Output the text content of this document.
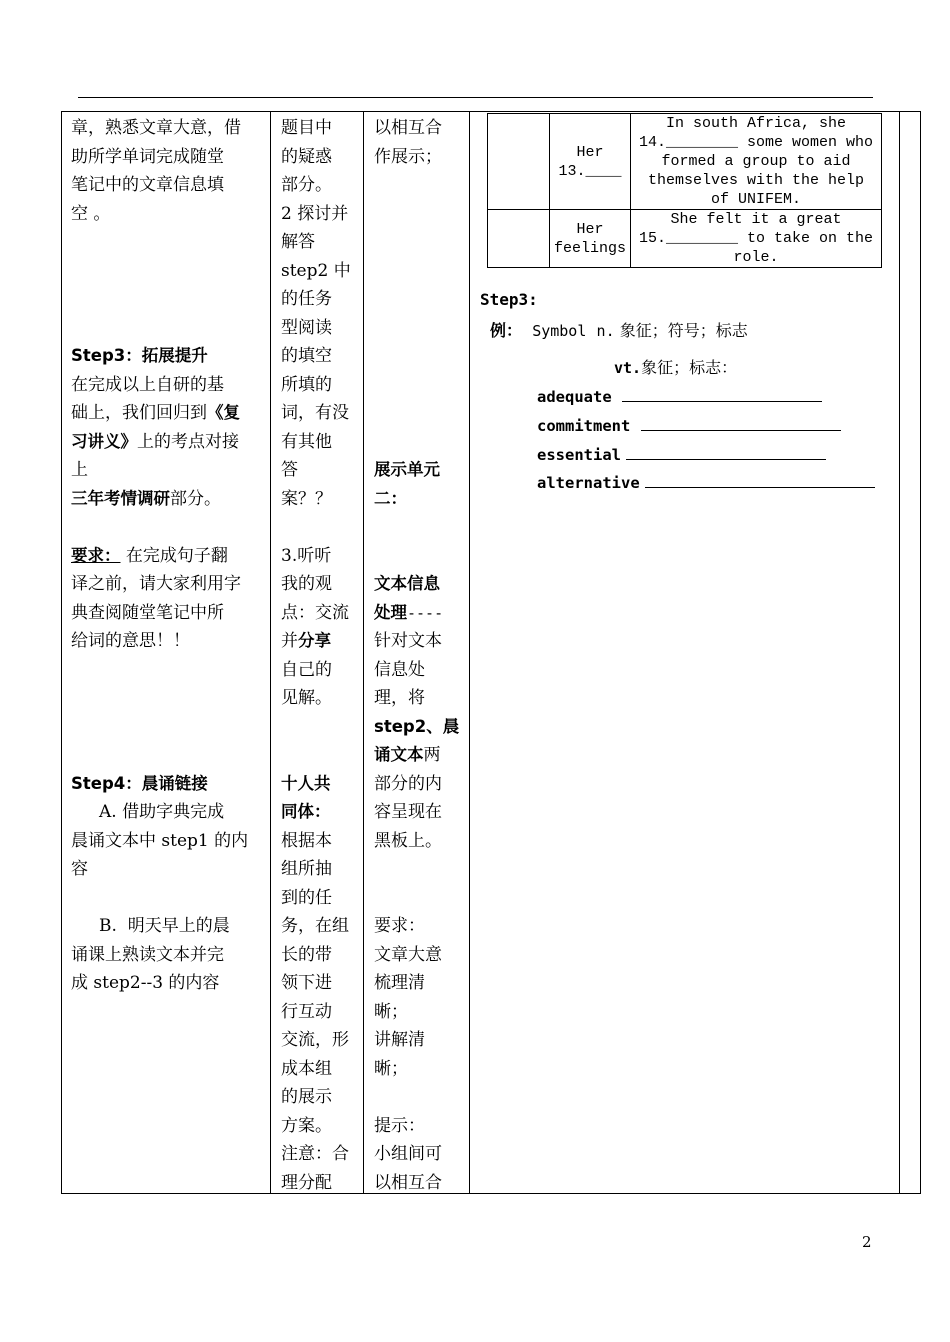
章，熟悉文章大意，借
助所学单词完成随堂
笔记中的文章信息填
空 。

Step3：拓展提升
在完成以上自研的基
础上，我们回归到《复
习讲义》上的考点对接
上
三年考情调研部分。

要求： 在完成句子翻
译之前，请大家利用字
典查阅随堂笔记中所
给词的意思！！

Step4：晨诵链接
A. 借助字典完成
晨诵文本中 step1 的内
容

B.  明天早上的晨
诵课上熟读文本并完
成 step2--3 的内容
题目中
的疑惑
部分。
2 探讨并
解答
step2 中
的任务
型阅读
的填空
所填的
词，有没
有其他
答
案？？

3.听听
我的观
点：交流
并分享
自己的
见解。

十人共
同体：
根据本
组所抽
到的任
务，在组
长的带
领下进
行互动
交流，形
成本组
的展示
方案。
注意：合
理分配
以相互合
作展示；

展示单元
二：

文本信息
处理----
针对文本
信息处
理，将
step2、晨
诵文本两
部分的内
容呈现在
黑板上。

要求：
文章大意
梳理清
晰；
讲解清
晰；

提示：
小组间可
以相互合
	Her 13.____	In south Africa, she 14.________ some women who formed a group to aid themselves with the help of UNIFEM.
	Her feelings	She felt it a great 15.________ to take on the role.
Step3:
例： Symbol n. 象征；符号；标志
vt.象征；标志：
adequate
commitment
essential
alternative
2
